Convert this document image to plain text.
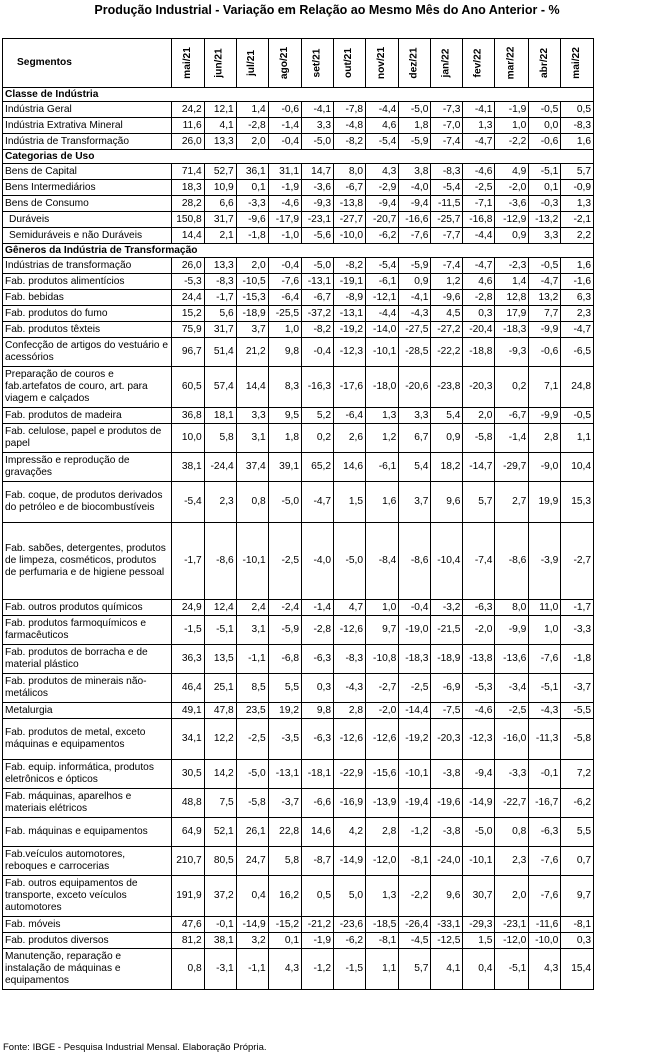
Produção Industrial - Variação em Relação ao Mesmo Mês do Ano Anterior - %
Segmentos	mai/21	jun/21	jul/21	ago/21	set/21	out/21	nov/21	dez/21	jan/22	fev/22	mar/22	abr/22	mai/22
Classe de Indústria													
Indústria Geral	24,2	12,1	1,4	-0,6	-4,1	-7,8	-4,4	-5,0	-7,3	-4,1	-1,9	-0,5	0,5
Indústria Extrativa Mineral	11,6	4,1	-2,8	-1,4	3,3	-4,8	4,6	1,8	-7,0	1,3	1,0	0,0	-8,3
Indústria de Transformação	26,0	13,3	2,0	-0,4	-5,0	-8,2	-5,4	-5,9	-7,4	-4,7	-2,2	-0,6	1,6
Categorias de Uso													
Bens de Capital	71,4	52,7	36,1	31,1	14,7	8,0	4,3	3,8	-8,3	-4,6	4,9	-5,1	5,7
Bens Intermediários	18,3	10,9	0,1	-1,9	-3,6	-6,7	-2,9	-4,0	-5,4	-2,5	-2,0	0,1	-0,9
Bens de Consumo	28,2	6,6	-3,3	-4,6	-9,3	-13,8	-9,4	-9,4	-11,5	-7,1	-3,6	-0,3	1,3
Duráveis	150,8	31,7	-9,6	-17,9	-23,1	-27,7	-20,7	-16,6	-25,7	-16,8	-12,9	-13,2	-2,1
Semiduráveis e não Duráveis	14,4	2,1	-1,8	-1,0	-5,6	-10,0	-6,2	-7,6	-7,7	-4,4	0,9	3,3	2,2
Gêneros da Indústria de Transformação													
Indústrias de transformação	26,0	13,3	2,0	-0,4	-5,0	-8,2	-5,4	-5,9	-7,4	-4,7	-2,3	-0,5	1,6
Fab. produtos alimentícios	-5,3	-8,3	-10,5	-7,6	-13,1	-19,1	-6,1	0,9	1,2	4,6	1,4	-4,7	-1,6
Fab. bebidas	24,4	-1,7	-15,3	-6,4	-6,7	-8,9	-12,1	-4,1	-9,6	-2,8	12,8	13,2	6,3
Fab. produtos do fumo	15,2	5,6	-18,9	-25,5	-37,2	-13,1	-4,4	-4,3	4,5	0,3	17,9	7,7	2,3
Fab. produtos têxteis	75,9	31,7	3,7	1,0	-8,2	-19,2	-14,0	-27,5	-27,2	-20,4	-18,3	-9,9	-4,7
Confecção de artigos do vestuário e acessórios	96,7	51,4	21,2	9,8	-0,4	-12,3	-10,1	-28,5	-22,2	-18,8	-9,3	-0,6	-6,5
Preparação de couros e fab.artefatos de couro, art. para viagem e calçados	60,5	57,4	14,4	8,3	-16,3	-17,6	-18,0	-20,6	-23,8	-20,3	0,2	7,1	24,8
Fab. produtos de madeira	36,8	18,1	3,3	9,5	5,2	-6,4	1,3	3,3	5,4	2,0	-6,7	-9,9	-0,5
Fab. celulose, papel e produtos de papel	10,0	5,8	3,1	1,8	0,2	2,6	1,2	6,7	0,9	-5,8	-1,4	2,8	1,1
Impressão e reprodução de gravações	38,1	-24,4	37,4	39,1	65,2	14,6	-6,1	5,4	18,2	-14,7	-29,7	-9,0	10,4
Fab. coque, de produtos derivados do petróleo e de biocombustíveis	-5,4	2,3	0,8	-5,0	-4,7	1,5	1,6	3,7	9,6	5,7	2,7	19,9	15,3
Fab. sabões, detergentes, produtos de limpeza, cosméticos, produtos de perfumaria e de higiene pessoal	-1,7	-8,6	-10,1	-2,5	-4,0	-5,0	-8,4	-8,6	-10,4	-7,4	-8,6	-3,9	-2,7
Fab. outros produtos químicos	24,9	12,4	2,4	-2,4	-1,4	4,7	1,0	-0,4	-3,2	-6,3	8,0	11,0	-1,7
Fab. produtos farmoquímicos e farmacêuticos	-1,5	-5,1	3,1	-5,9	-2,8	-12,6	9,7	-19,0	-21,5	-2,0	-9,9	1,0	-3,3
Fab. produtos de borracha e de material plástico	36,3	13,5	-1,1	-6,8	-6,3	-8,3	-10,8	-18,3	-18,9	-13,8	-13,6	-7,6	-1,8
Fab. produtos de minerais não-metálicos	46,4	25,1	8,5	5,5	0,3	-4,3	-2,7	-2,5	-6,9	-5,3	-3,4	-5,1	-3,7
Metalurgia	49,1	47,8	23,5	19,2	9,8	2,8	-2,0	-14,4	-7,5	-4,6	-2,5	-4,3	-5,5
Fab. produtos de metal, exceto máquinas e equipamentos	34,1	12,2	-2,5	-3,5	-6,3	-12,6	-12,6	-19,2	-20,3	-12,3	-16,0	-11,3	-5,8
Fab. equip. informática, produtos eletrônicos e ópticos	30,5	14,2	-5,0	-13,1	-18,1	-22,9	-15,6	-10,1	-3,8	-9,4	-3,3	-0,1	7,2
Fab. máquinas, aparelhos e materiais elétricos	48,8	7,5	-5,8	-3,7	-6,6	-16,9	-13,9	-19,4	-19,6	-14,9	-22,7	-16,7	-6,2
Fab. máquinas e equipamentos	64,9	52,1	26,1	22,8	14,6	4,2	2,8	-1,2	-3,8	-5,0	0,8	-6,3	5,5
Fab.veículos automotores, reboques e carrocerias	210,7	80,5	24,7	5,8	-8,7	-14,9	-12,0	-8,1	-24,0	-10,1	2,3	-7,6	0,7
Fab. outros equipamentos de transporte, exceto veículos automotores	191,9	37,2	0,4	16,2	0,5	5,0	1,3	-2,2	9,6	30,7	2,0	-7,6	9,7
Fab. móveis	47,6	-0,1	-14,9	-15,2	-21,2	-23,6	-18,5	-26,4	-33,1	-29,3	-23,1	-11,6	-8,1
Fab. produtos diversos	81,2	38,1	3,2	0,1	-1,9	-6,2	-8,1	-4,5	-12,5	1,5	-12,0	-10,0	0,3
Manutenção, reparação e instalação de máquinas e equipamentos	0,8	-3,1	-1,1	4,3	-1,2	-1,5	1,1	5,7	4,1	0,4	-5,1	4,3	15,4
Fonte: IBGE - Pesquisa Industrial Mensal. Elaboração Própria.
